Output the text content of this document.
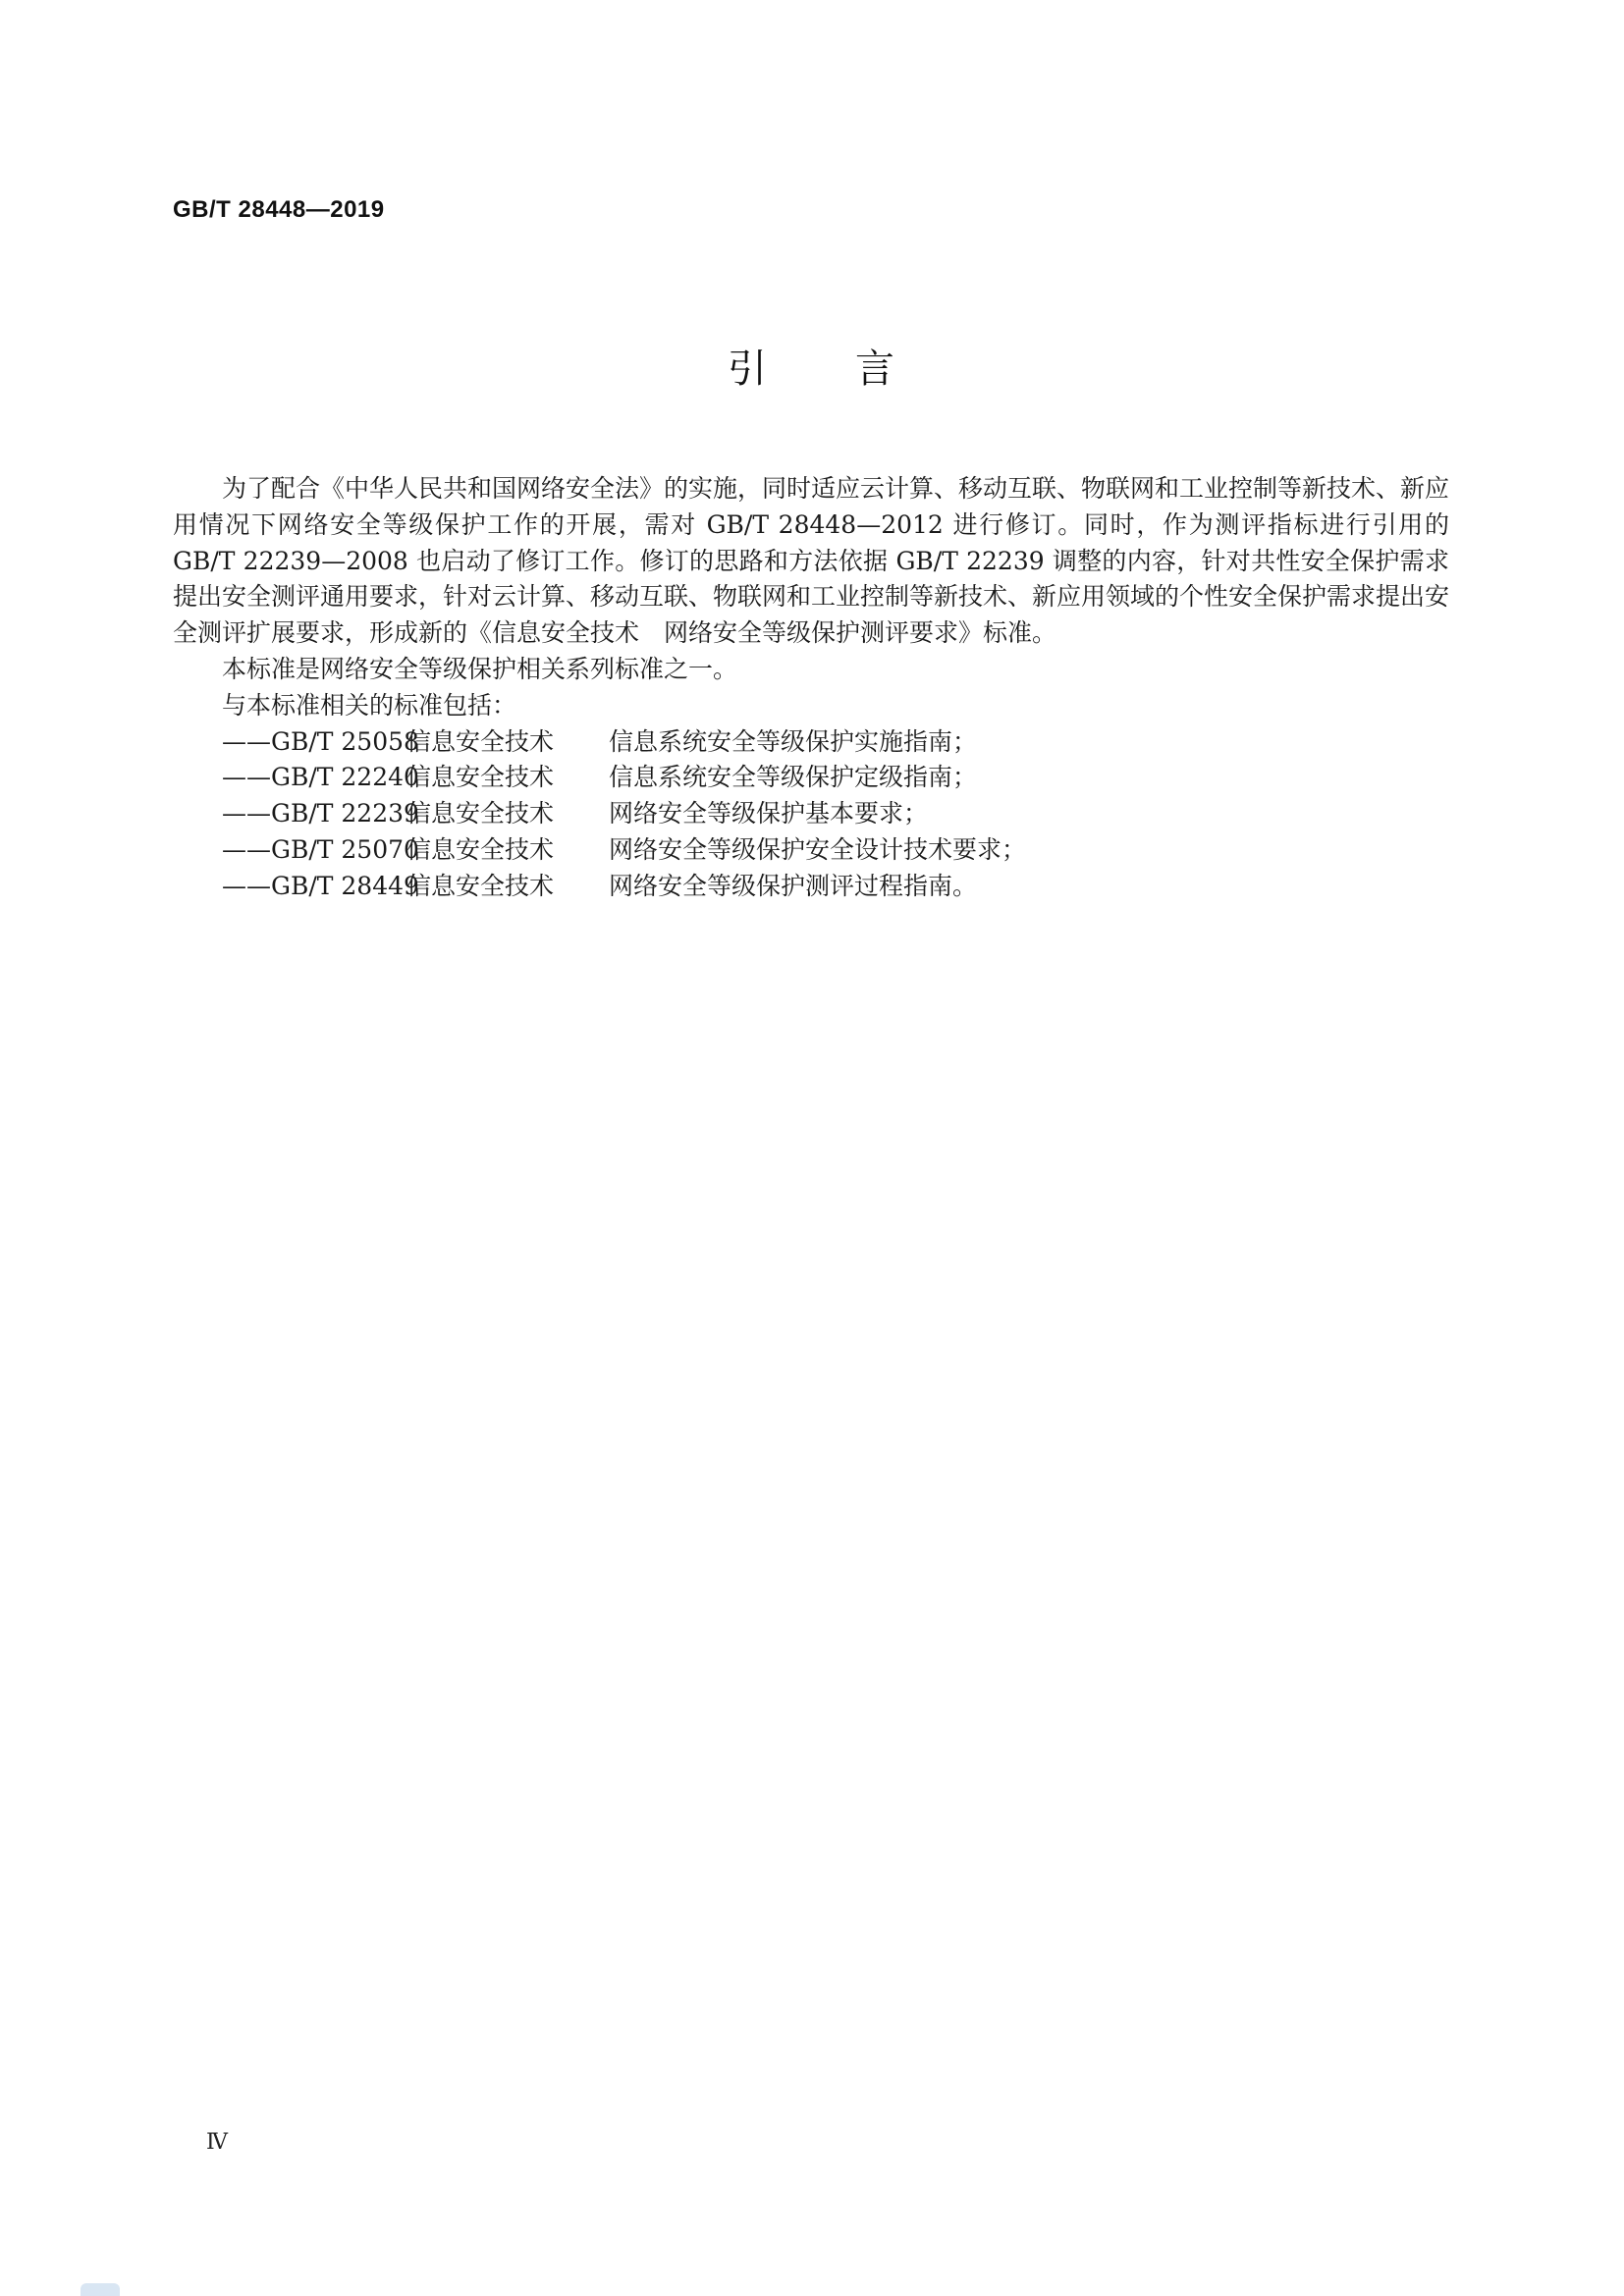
GB/T 28448—2019
引 言

为了配合《中华人民共和国网络安全法》的实施，同时适应云计算、移动互联、物联网和工业控制等新技术、新应用情况下网络安全等级保护工作的开展，需对 GB/T 28448—2012 进行修订。同时，作为测评指标进行引用的 GB/T 22239—2008 也启动了修订工作。修订的思路和方法依据 GB/T 22239 调整的内容，针对共性安全保护需求提出安全测评通用要求，针对云计算、移动互联、物联网和工业控制等新技术、新应用领域的个性安全保护需求提出安全测评扩展要求，形成新的《信息安全技术　网络安全等级保护测评要求》标准。

本标准是网络安全等级保护相关系列标准之一。

与本标准相关的标准包括：

——GB/T 25058信息安全技术 信息系统安全等级保护实施指南；

——GB/T 22240信息安全技术 信息系统安全等级保护定级指南；

——GB/T 22239信息安全技术 网络安全等级保护基本要求；

——GB/T 25070信息安全技术 网络安全等级保护安全设计技术要求；

——GB/T 28449信息安全技术 网络安全等级保护测评过程指南。

Ⅳ
